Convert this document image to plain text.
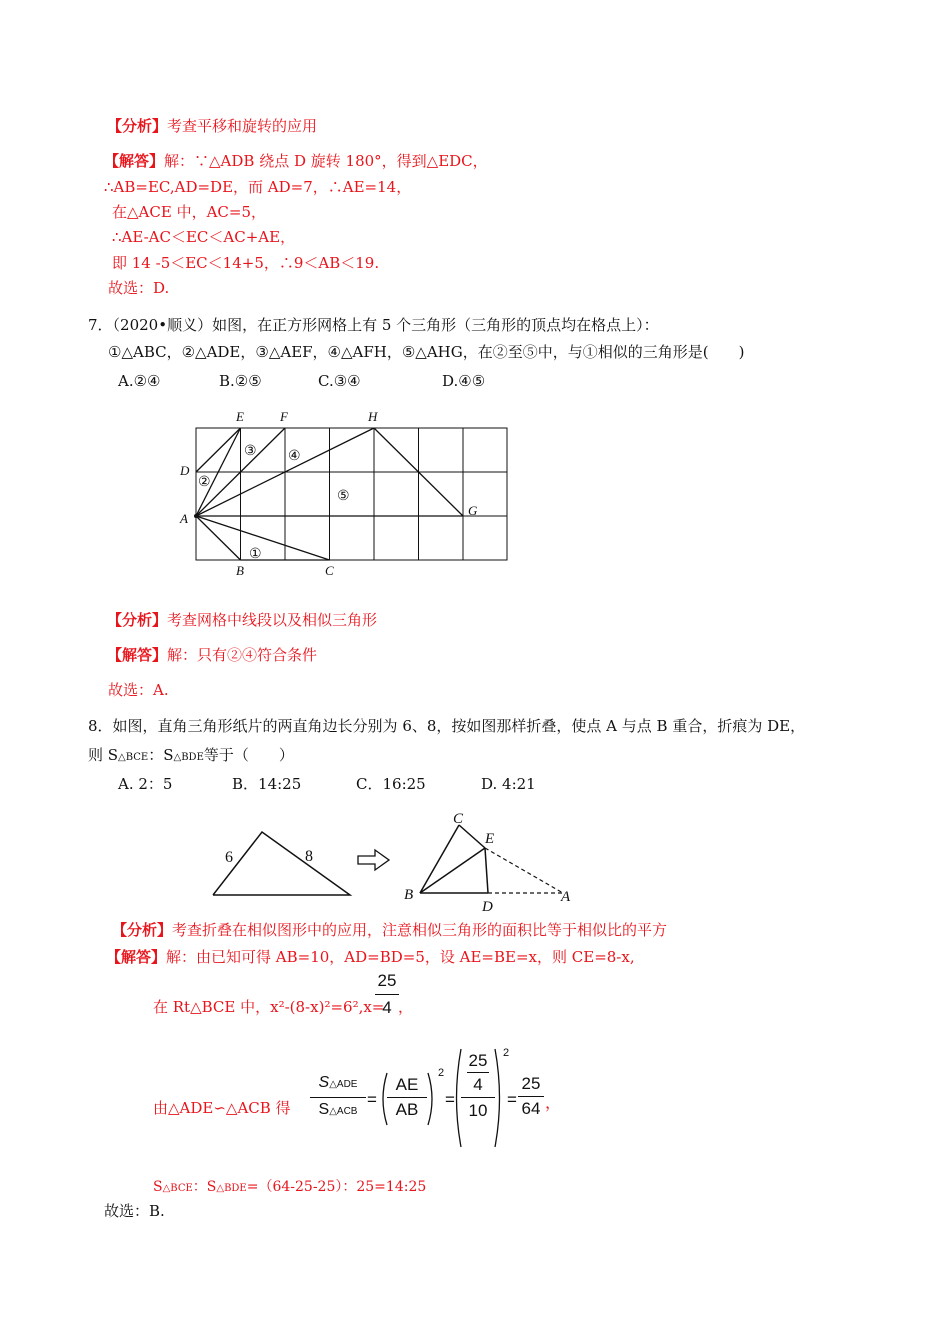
【分析】考查平移和旋转的应用
【解答】解：∵△ADB 绕点 D 旋转 180°，得到△EDC，
∴AB=EC,AD=DE，而 AD=7，∴AE=14，
在△ACE 中，AC=5，
∴AE-AC＜EC＜AC+AE，
即 14 -5＜EC＜14+5，∴9＜AB＜19.
故选：D.
7．（2020•顺义）如图，在正方形网格上有 5 个三角形（三角形的顶点均在格点上）：
①△ABC，②△ADE，③△AEF，④△AFH，⑤△AHG，在②至⑤中，与①相似的三角形是(　　)
A.②④	B.②⑤	C.③④	D.④⑤
E	F	H
D
A
G
B	C
③ ④
②
⑤
①
【分析】考查网格中线段以及相似三角形
【解答】解：只有②④符合条件
故选：A.
8．如图，直角三角形纸片的两直角边长分别为 6、8，按如图那样折叠，使点 A 与点 B 重合，折痕为 DE，
则 S△BCE：S△BDE等于（　　）
A. 2：5	B．14:25	C．16:25	D. 4:21
6	8
C
E
B
D
A
【分析】考查折叠在相似图形中的应用，注意相似三角形的面积比等于相似比的平方
【解答】解：由已知可得 AB=10，AD=BD=5，设 AE=BE=x，则 CE=8-x,
在 Rt△BCE 中，x²-(8-x)²=6²,x=
25
4 ，
由△ADE∽△ACB 得
S△ADE
S△ACB
=
AE
AB
2
=
25
4
10
2
=
25
64 ，
S△BCE：S△BDE=（64-25-25）：25=14:25
故选：B.
